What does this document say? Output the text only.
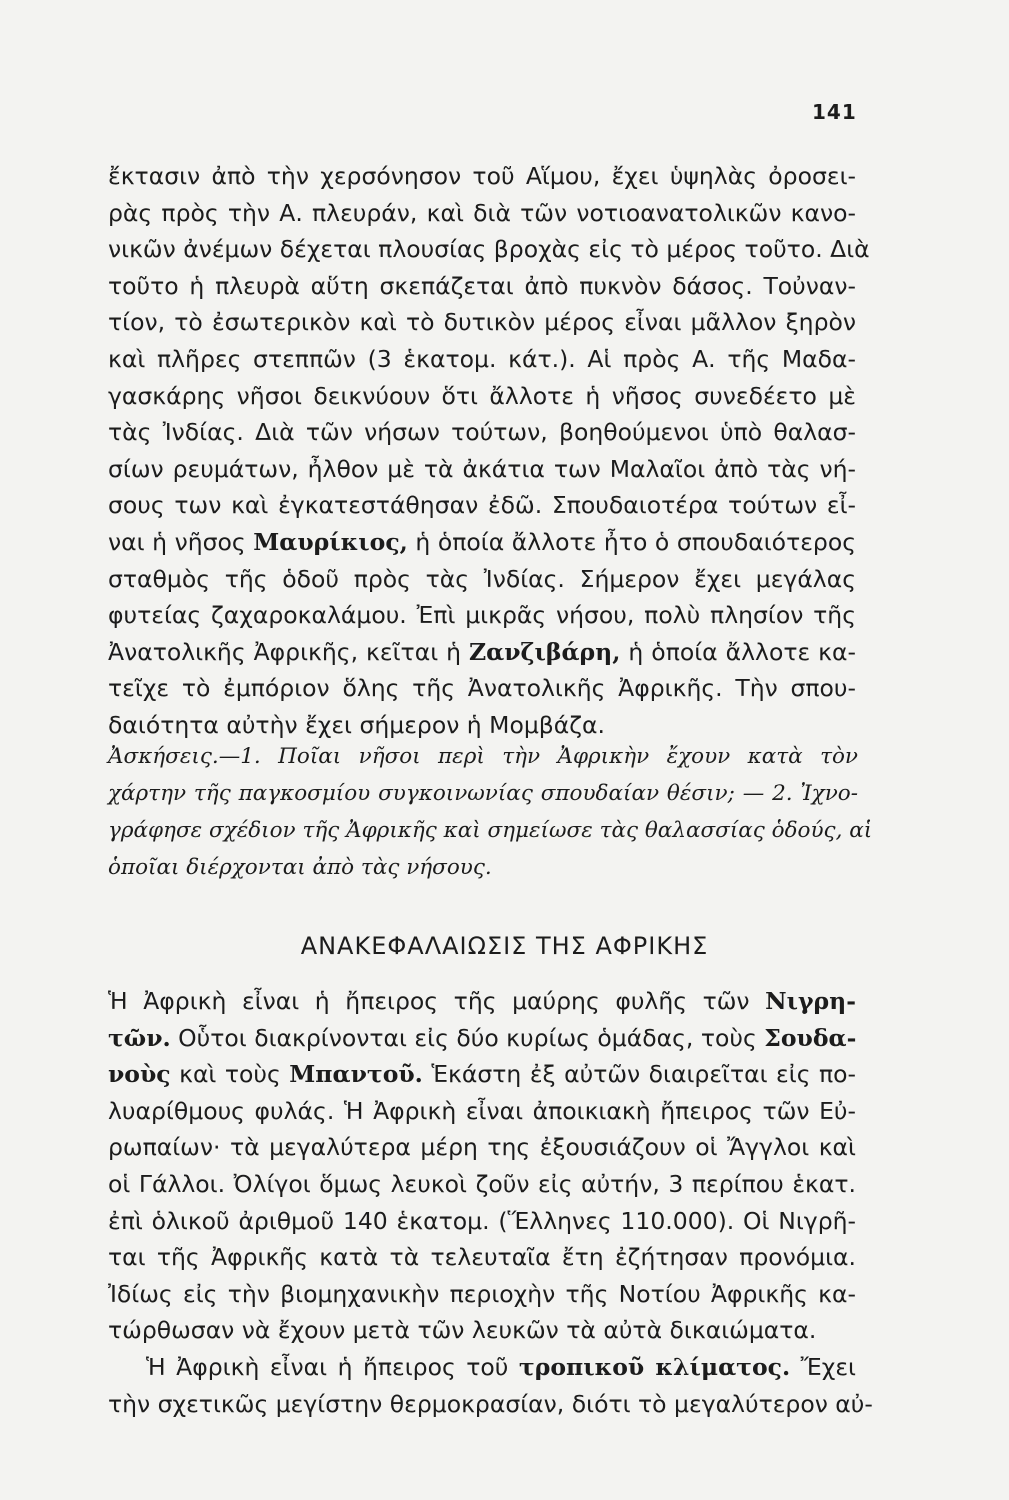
141
ἔκτασιν ἀπὸ τὴν χερσόνησον τοῦ Αἵμου, ἔχει ὑψηλὰς ὀροσει-
ρὰς πρὸς τὴν Α. πλευράν, καὶ διὰ τῶν νοτιοανατολικῶν κανο-
νικῶν ἀνέμων δέχεται πλουσίας βροχὰς εἰς τὸ μέρος τοῦτο. Διὰ
τοῦτο ἡ πλευρὰ αὕτη σκεπάζεται ἀπὸ πυκνὸν δάσος. Τοὐναν-
τίον, τὸ ἐσωτερικὸν καὶ τὸ δυτικὸν μέρος εἶναι μᾶλλον ξηρὸν
καὶ πλῆρες στεππῶν (3 ἑκατομ. κάτ.). Αἱ πρὸς Α. τῆς Μαδα-
γασκάρης νῆσοι δεικνύουν ὅτι ἄλλοτε ἡ νῆσος συνεδέετο μὲ
τὰς Ἰνδίας. Διὰ τῶν νήσων τούτων, βοηθούμενοι ὑπὸ θαλασ-
σίων ρευμάτων, ἦλθον μὲ τὰ ἀκάτια των Μαλαῖοι ἀπὸ τὰς νή-
σους των καὶ ἐγκατεστάθησαν ἐδῶ. Σπουδαιοτέρα τούτων εἶ-
ναι ἡ νῆσος Μαυρίκιος, ἡ ὁποία ἄλλοτε ἦτο ὁ σπουδαιότερος
σταθμὸς τῆς ὁδοῦ πρὸς τὰς Ἰνδίας. Σήμερον ἔχει μεγάλας
φυτείας ζαχαροκαλάμου. Ἐπὶ μικρᾶς νήσου, πολὺ πλησίον τῆς
Ἀνατολικῆς Ἀφρικῆς, κεῖται ἡ Ζανζιβάρη, ἡ ὁποία ἄλλοτε κα-
τεῖχε τὸ ἐμπόριον ὅλης τῆς Ἀνατολικῆς Ἀφρικῆς. Τὴν σπου-
δαιότητα αὐτὴν ἔχει σήμερον ἡ Μομβάζα.
Ἀσκήσεις.—1. Ποῖαι νῆσοι περὶ τὴν Ἀφρικὴν ἔχουν κατὰ τὸν
χάρτην τῆς παγκοσμίου συγκοινωνίας σπουδαίαν θέσιν; — 2. Ἰχνο-
γράφησε σχέδιον τῆς Ἀφρικῆς καὶ σημείωσε τὰς θαλασσίας ὁδούς, αἱ
ὁποῖαι διέρχονται ἀπὸ τὰς νήσους.
ΑΝΑΚΕΦΑΛΑΙΩΣΙΣ ΤΗΣ ΑΦΡΙΚΗΣ
Ἡ Ἀφρικὴ εἶναι ἡ ἤπειρος τῆς μαύρης φυλῆς τῶν Νιγρη-
τῶν. Οὗτοι διακρίνονται εἰς δύο κυρίως ὁμάδας, τοὺς Σουδα-
νοὺς καὶ τοὺς Μπαντοῦ. Ἑκάστη ἐξ αὐτῶν διαιρεῖται εἰς πο-
λυαρίθμους φυλάς. Ἡ Ἀφρικὴ εἶναι ἀποικιακὴ ἤπειρος τῶν Εὐ-
ρωπαίων· τὰ μεγαλύτερα μέρη της ἐξουσιάζουν οἱ Ἄγγλοι καὶ
οἱ Γάλλοι. Ὀλίγοι ὅμως λευκοὶ ζοῦν εἰς αὐτήν, 3 περίπου ἑκατ.
ἐπὶ ὁλικοῦ ἀριθμοῦ 140 ἑκατομ. (Ἕλληνες 110.000). Οἱ Νιγρῆ-
ται τῆς Ἀφρικῆς κατὰ τὰ τελευταῖα ἔτη ἐζήτησαν προνόμια.
Ἰδίως εἰς τὴν βιομηχανικὴν περιοχὴν τῆς Νοτίου Ἀφρικῆς κα-
τώρθωσαν νὰ ἔχουν μετὰ τῶν λευκῶν τὰ αὐτὰ δικαιώματα.
Ἡ Ἀφρικὴ εἶναι ἡ ἤπειρος τοῦ τροπικοῦ κλίματος. Ἔχει
τὴν σχετικῶς μεγίστην θερμοκρασίαν, διότι τὸ μεγαλύτερον αὐ-
